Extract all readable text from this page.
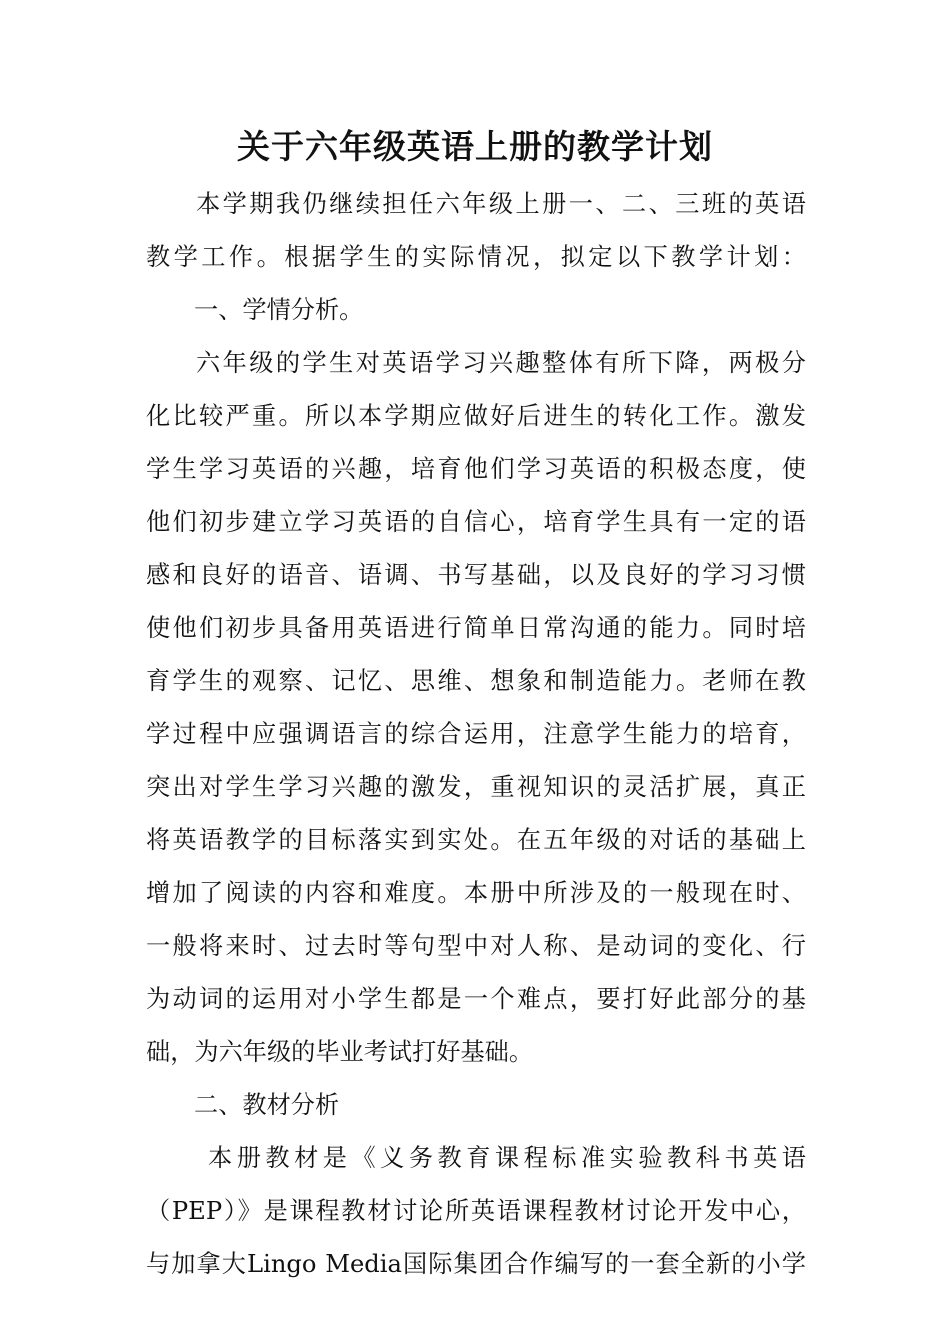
关于六年级英语上册的教学计划
本学期我仍继续担任六年级上册一、二、三班的英语
教学工作。根据学生的实际情况，拟定以下教学计划：
一、学情分析。
六年级的学生对英语学习兴趣整体有所下降，两极分
化比较严重。所以本学期应做好后进生的转化工作。激发
学生学习英语的兴趣，培育他们学习英语的积极态度，使
他们初步建立学习英语的自信心，培育学生具有一定的语
感和良好的语音、语调、书写基础，以及良好的学习习惯
使他们初步具备用英语进行简单日常沟通的能力。同时培
育学生的观察、记忆、思维、想象和制造能力。老师在教
学过程中应强调语言的综合运用，注意学生能力的培育，
突出对学生学习兴趣的激发，重视知识的灵活扩展，真正
将英语教学的目标落实到实处。在五年级的对话的基础上
增加了阅读的内容和难度。本册中所涉及的一般现在时、
一般将来时、过去时等句型中对人称、是动词的变化、行
为动词的运用对小学生都是一个难点，要打好此部分的基
础，为六年级的毕业考试打好基础。
二、教材分析
本册教材是《义务教育课程标准实验教科书英语
（PEP）》是课程教材讨论所英语课程教材讨论开发中心，
与加拿大Lingo Media国际集团合作编写的一套全新的小学
